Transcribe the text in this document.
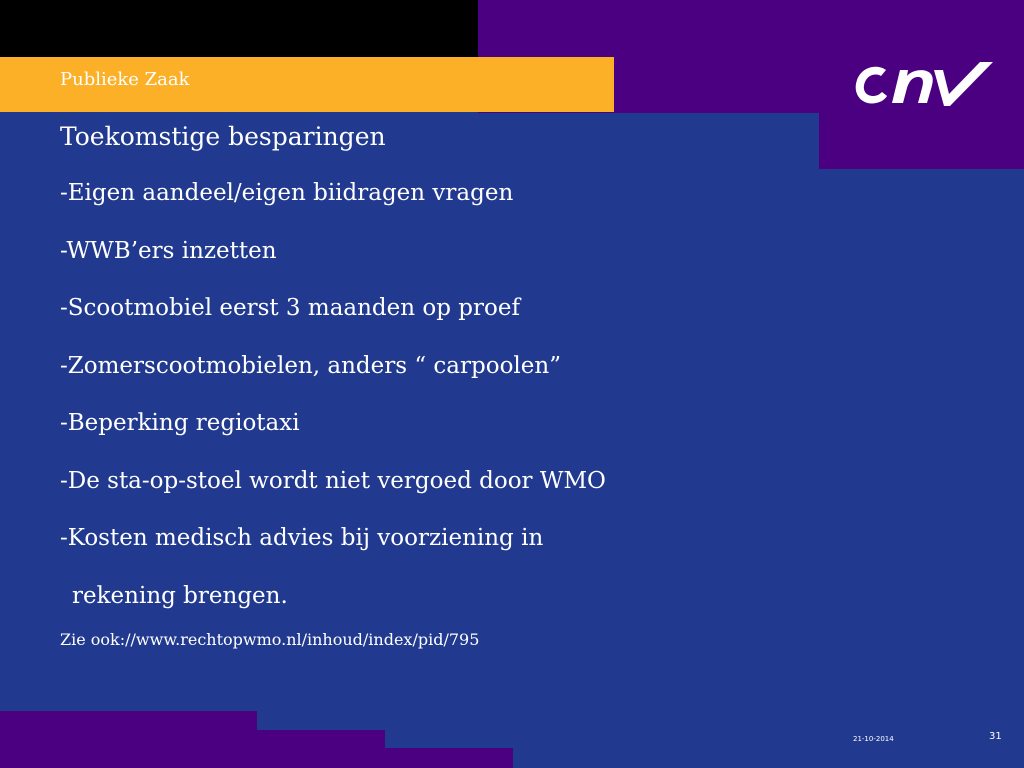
Publieke Zaak
Toekomstige besparingen
-Eigen aandeel/eigen biidragen vragen
-WWB’ers inzetten
-Scootmobiel eerst 3 maanden op proef
-Zomerscootmobielen, anders “ carpoolen”
-Beperking regiotaxi
-De sta-op-stoel wordt niet vergoed door WMO
-Kosten medisch advies bij voorziening in
rekening brengen.
Zie ook://www.rechtopwmo.nl/inhoud/index/pid/795
21-10-2014	31
